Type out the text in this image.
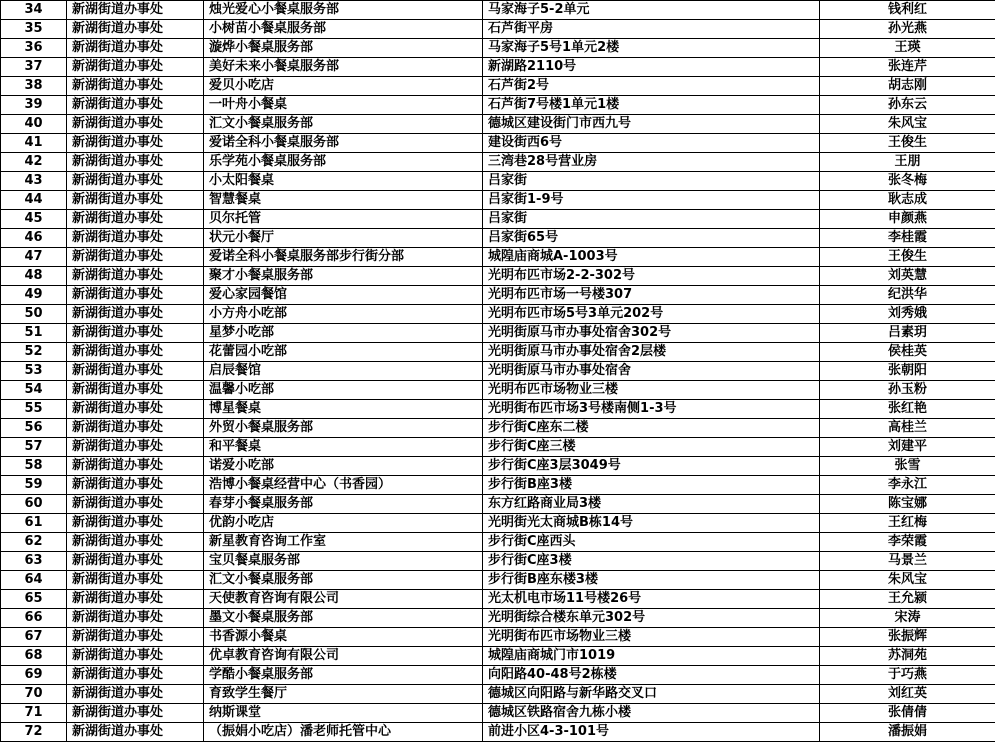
34	新湖街道办事处	烛光爱心小餐桌服务部	马家海子5-2单元	钱利红
35	新湖街道办事处	小树苗小餐桌服务部	石芦街平房	孙光燕
36	新湖街道办事处	漩烨小餐桌服务部	马家海子5号1单元2楼	王瑛
37	新湖街道办事处	美好未来小餐桌服务部	新湖路2110号	张连芹
38	新湖街道办事处	爱贝小吃店	石芦街2号	胡志刚
39	新湖街道办事处	一叶舟小餐桌	石芦街7号楼1单元1楼	孙东云
40	新湖街道办事处	汇文小餐桌服务部	德城区建设街门市西九号	朱风宝
41	新湖街道办事处	爱诺全科小餐桌服务部	建设街西6号	王俊生
42	新湖街道办事处	乐学苑小餐桌服务部	三湾巷28号营业房	王朋
43	新湖街道办事处	小太阳餐桌	吕家街	张冬梅
44	新湖街道办事处	智慧餐桌	吕家街1-9号	耿志成
45	新湖街道办事处	贝尔托管	吕家街	申颜燕
46	新湖街道办事处	状元小餐厅	吕家街65号	李桂霞
47	新湖街道办事处	爱诺全科小餐桌服务部步行街分部	城隍庙商城A-1003号	王俊生
48	新湖街道办事处	聚才小餐桌服务部	光明布匹市场2-2-302号	刘英慧
49	新湖街道办事处	爱心家园餐馆	光明布匹市场一号楼307	纪洪华
50	新湖街道办事处	小方舟小吃部	光明布匹市场5号3单元202号	刘秀娥
51	新湖街道办事处	星梦小吃部	光明街原马市办事处宿舍302号	吕素玥
52	新湖街道办事处	花蕾园小吃部	光明街原马市办事处宿舍2层楼	侯桂英
53	新湖街道办事处	启辰餐馆	光明街原马市办事处宿舍	张朝阳
54	新湖街道办事处	温馨小吃部	光明布匹市场物业三楼	孙玉粉
55	新湖街道办事处	博星餐桌	光明街布匹市场3号楼南侧1-3号	张红艳
56	新湖街道办事处	外贸小餐桌服务部	步行街C座东二楼	高桂兰
57	新湖街道办事处	和平餐桌	步行街C座三楼	刘建平
58	新湖街道办事处	诺爱小吃部	步行街C座3层3049号	张雪
59	新湖街道办事处	浩博小餐桌经营中心（书香园）	步行街B座3楼	李永江
60	新湖街道办事处	春芽小餐桌服务部	东方红路商业局3楼	陈宝娜
61	新湖街道办事处	优韵小吃店	光明街光太商城B栋14号	王红梅
62	新湖街道办事处	新星教育咨询工作室	步行街C座西头	李荣霞
63	新湖街道办事处	宝贝餐桌服务部	步行街C座3楼	马景兰
64	新湖街道办事处	汇文小餐桌服务部	步行街B座东楼3楼	朱风宝
65	新湖街道办事处	天使教育咨询有限公司	光太机电市场11号楼26号	王允颍
66	新湖街道办事处	墨文小餐桌服务部	光明街综合楼东单元302号	宋涛
67	新湖街道办事处	书香源小餐桌	光明街布匹市场物业三楼	张振辉
68	新湖街道办事处	优卓教育咨询有限公司	城隍庙商城门市1019	苏洞苑
69	新湖街道办事处	学酷小餐桌服务部	向阳路40-48号2栋楼	于巧燕
70	新湖街道办事处	育致学生餐厅	德城区向阳路与新华路交叉口	刘红英
71	新湖街道办事处	纳斯课堂	德城区铁路宿舍九栋小楼	张倩倩
72	新湖街道办事处	（振娟小吃店）潘老师托管中心	前进小区4-3-101号	潘振娟
